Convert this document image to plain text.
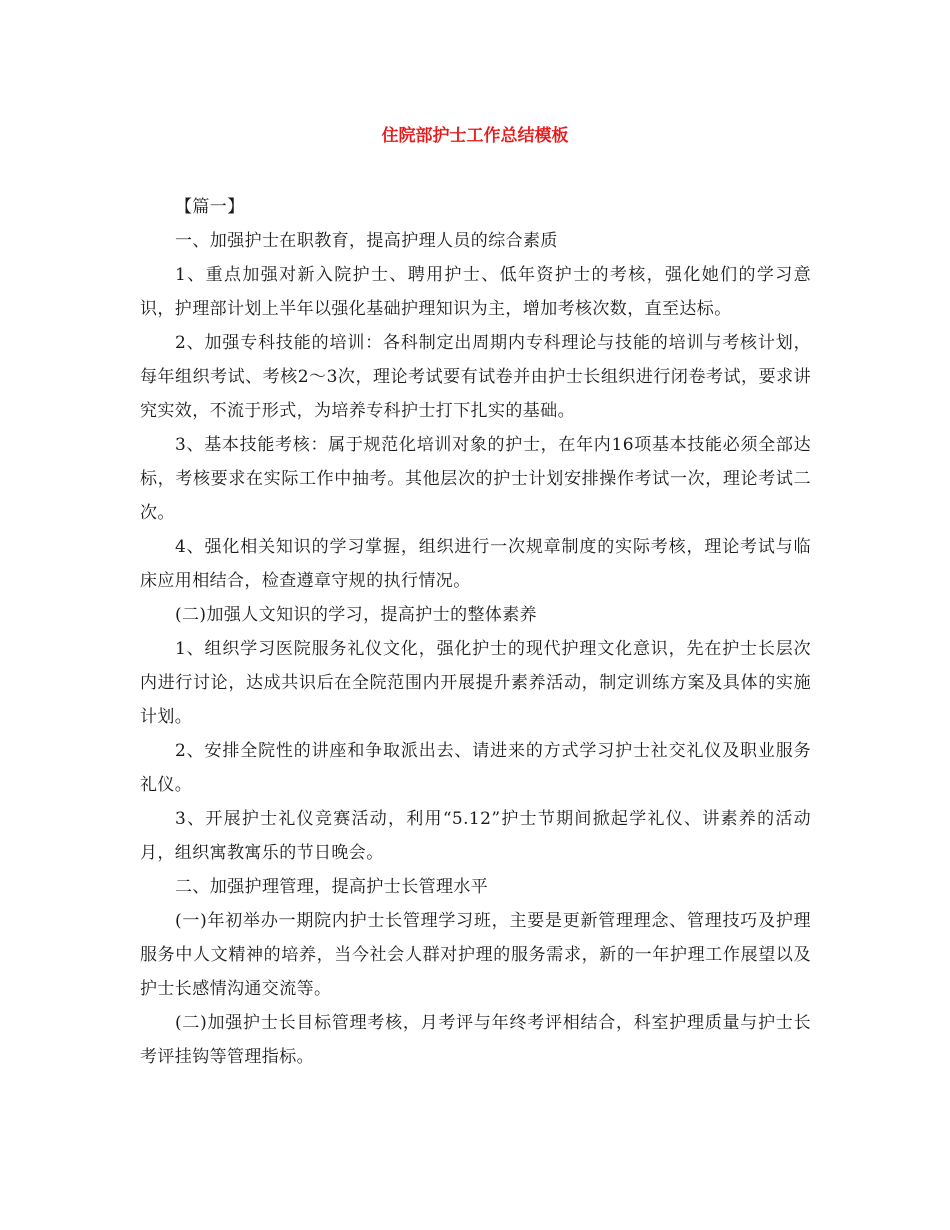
住院部护士工作总结模板

【篇一】

一、加强护士在职教育，提高护理人员的综合素质

1、重点加强对新入院护士、聘用护士、低年资护士的考核，强化她们的学习意识，护理部计划上半年以强化基础护理知识为主，增加考核次数，直至达标。

2、加强专科技能的培训：各科制定出周期内专科理论与技能的培训与考核计划，每年组织考试、考核2～3次，理论考试要有试卷并由护士长组织进行闭卷考试，要求讲究实效，不流于形式，为培养专科护士打下扎实的基础。

3、基本技能考核：属于规范化培训对象的护士，在年内16项基本技能必须全部达标，考核要求在实际工作中抽考。其他层次的护士计划安排操作考试一次，理论考试二次。

4、强化相关知识的学习掌握，组织进行一次规章制度的实际考核，理论考试与临床应用相结合，检查遵章守规的执行情况。

(二)加强人文知识的学习，提高护士的整体素养

1、组织学习医院服务礼仪文化，强化护士的现代护理文化意识，先在护士长层次内进行讨论，达成共识后在全院范围内开展提升素养活动，制定训练方案及具体的实施计划。

2、安排全院性的讲座和争取派出去、请进来的方式学习护士社交礼仪及职业服务礼仪。

3、开展护士礼仪竞赛活动，利用“5.12”护士节期间掀起学礼仪、讲素养的活动月，组织寓教寓乐的节日晚会。

二、加强护理管理，提高护士长管理水平

(一)年初举办一期院内护士长管理学习班，主要是更新管理理念、管理技巧及护理服务中人文精神的培养，当今社会人群对护理的服务需求，新的一年护理工作展望以及护士长感情沟通交流等。

(二)加强护士长目标管理考核，月考评与年终考评相结合，科室护理质量与护士长考评挂钩等管理指标。
